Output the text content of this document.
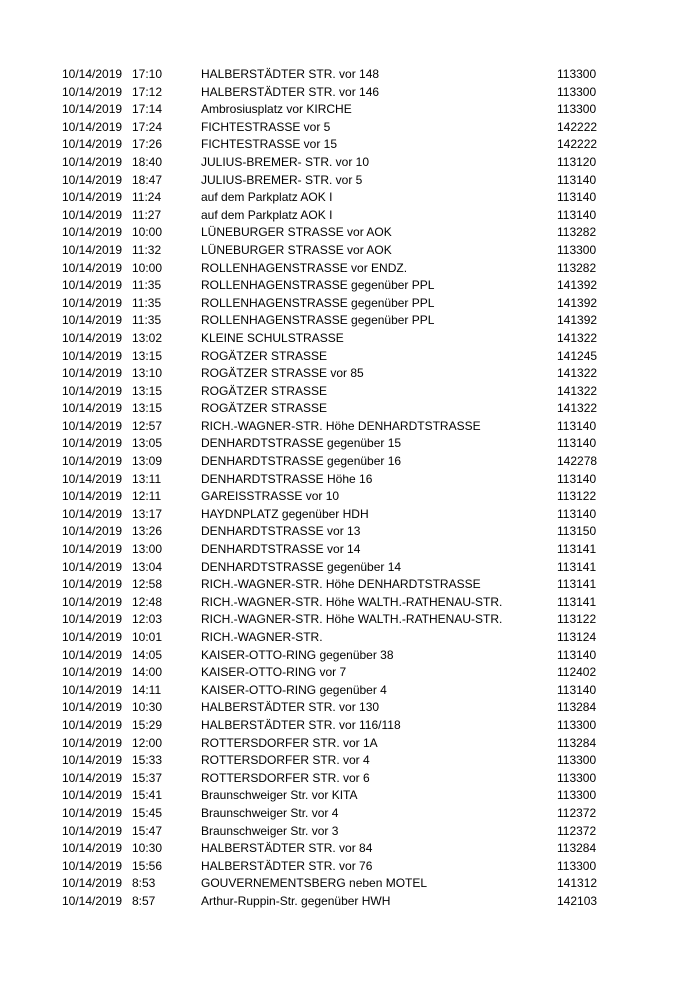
10/14/2019 17:10	HALBERSTÄDTER STR. vor 148	113300
10/14/2019 17:12	HALBERSTÄDTER STR. vor 146	113300
10/14/2019 17:14	Ambrosiusplatz vor KIRCHE	113300
10/14/2019 17:24	FICHTESTRASSE vor 5	142222
10/14/2019 17:26	FICHTESTRASSE vor 15	142222
10/14/2019 18:40	JULIUS-BREMER- STR. vor 10	113120
10/14/2019 18:47	JULIUS-BREMER- STR. vor 5	113140
10/14/2019 11:24	auf dem Parkplatz AOK I	113140
10/14/2019 11:27	auf dem Parkplatz AOK I	113140
10/14/2019 10:00	LÜNEBURGER STRASSE vor AOK	113282
10/14/2019 11:32	LÜNEBURGER STRASSE vor AOK	113300
10/14/2019 10:00	ROLLENHAGENSTRASSE vor ENDZ.	113282
10/14/2019 11:35	ROLLENHAGENSTRASSE gegenüber PPL	141392
10/14/2019 11:35	ROLLENHAGENSTRASSE gegenüber PPL	141392
10/14/2019 11:35	ROLLENHAGENSTRASSE gegenüber PPL	141392
10/14/2019 13:02	KLEINE SCHULSTRASSE	141322
10/14/2019 13:15	ROGÄTZER STRASSE	141245
10/14/2019 13:10	ROGÄTZER STRASSE vor 85	141322
10/14/2019 13:15	ROGÄTZER STRASSE	141322
10/14/2019 13:15	ROGÄTZER STRASSE	141322
10/14/2019 12:57	RICH.-WAGNER-STR. Höhe DENHARDTSTRASSE	113140
10/14/2019 13:05	DENHARDTSTRASSE gegenüber 15	113140
10/14/2019 13:09	DENHARDTSTRASSE gegenüber 16	142278
10/14/2019 13:11	DENHARDTSTRASSE Höhe 16	113140
10/14/2019 12:11	GAREISSTRASSE vor 10	113122
10/14/2019 13:17	HAYDNPLATZ gegenüber HDH	113140
10/14/2019 13:26	DENHARDTSTRASSE vor 13	113150
10/14/2019 13:00	DENHARDTSTRASSE vor 14	113141
10/14/2019 13:04	DENHARDTSTRASSE gegenüber 14	113141
10/14/2019 12:58	RICH.-WAGNER-STR. Höhe DENHARDTSTRASSE	113141
10/14/2019 12:48	RICH.-WAGNER-STR. Höhe WALTH.-RATHENAU-STR.	113141
10/14/2019 12:03	RICH.-WAGNER-STR. Höhe WALTH.-RATHENAU-STR.	113122
10/14/2019 10:01	RICH.-WAGNER-STR.	113124
10/14/2019 14:05	KAISER-OTTO-RING gegenüber 38	113140
10/14/2019 14:00	KAISER-OTTO-RING vor 7	112402
10/14/2019 14:11	KAISER-OTTO-RING gegenüber 4	113140
10/14/2019 10:30	HALBERSTÄDTER STR. vor 130	113284
10/14/2019 15:29	HALBERSTÄDTER STR. vor 116/118	113300
10/14/2019 12:00	ROTTERSDORFER STR. vor 1A	113284
10/14/2019 15:33	ROTTERSDORFER STR. vor 4	113300
10/14/2019 15:37	ROTTERSDORFER STR. vor 6	113300
10/14/2019 15:41	Braunschweiger Str. vor KITA	113300
10/14/2019 15:45	Braunschweiger Str. vor 4	112372
10/14/2019 15:47	Braunschweiger Str. vor 3	112372
10/14/2019 10:30	HALBERSTÄDTER STR. vor 84	113284
10/14/2019 15:56	HALBERSTÄDTER STR. vor 76	113300
10/14/2019 8:53	GOUVERNEMENTSBERG neben MOTEL	141312
10/14/2019 8:57	Arthur-Ruppin-Str. gegenüber HWH	142103
